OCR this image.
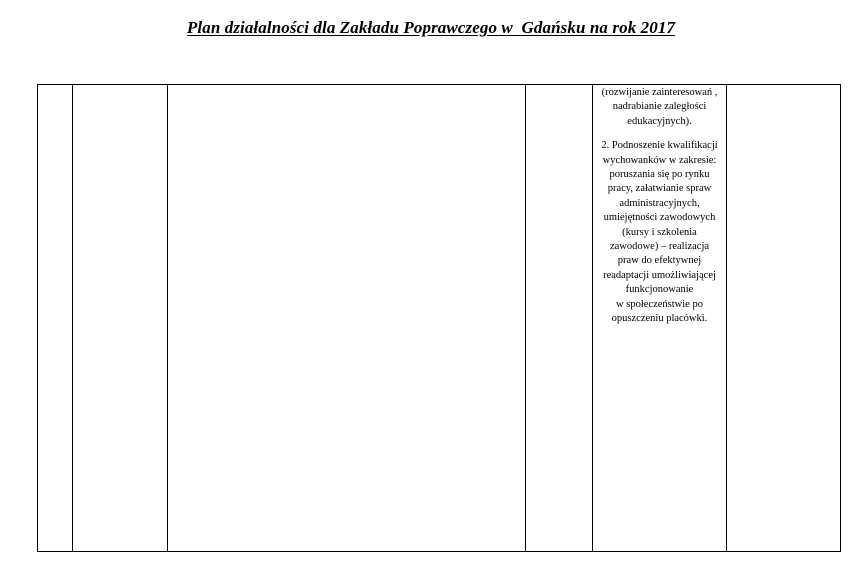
Plan działalności dla Zakładu Poprawczego w  Gdańsku na rok 2017

(rozwijanie zainteresowań ,
nadrabianie zaległości
edukacyjnych).

2. Podnoszenie kwalifikacji
wychowanków w zakresie:
poruszania się po rynku
pracy, załatwianie spraw
administracyjnych,
umiejętności zawodowych
(kursy i szkolenia
zawodowe) – realizacja
praw do efektywnej
readaptacji umożliwiającej
funkcjonowanie
w społeczeństwie po
opuszczeniu placówki.
